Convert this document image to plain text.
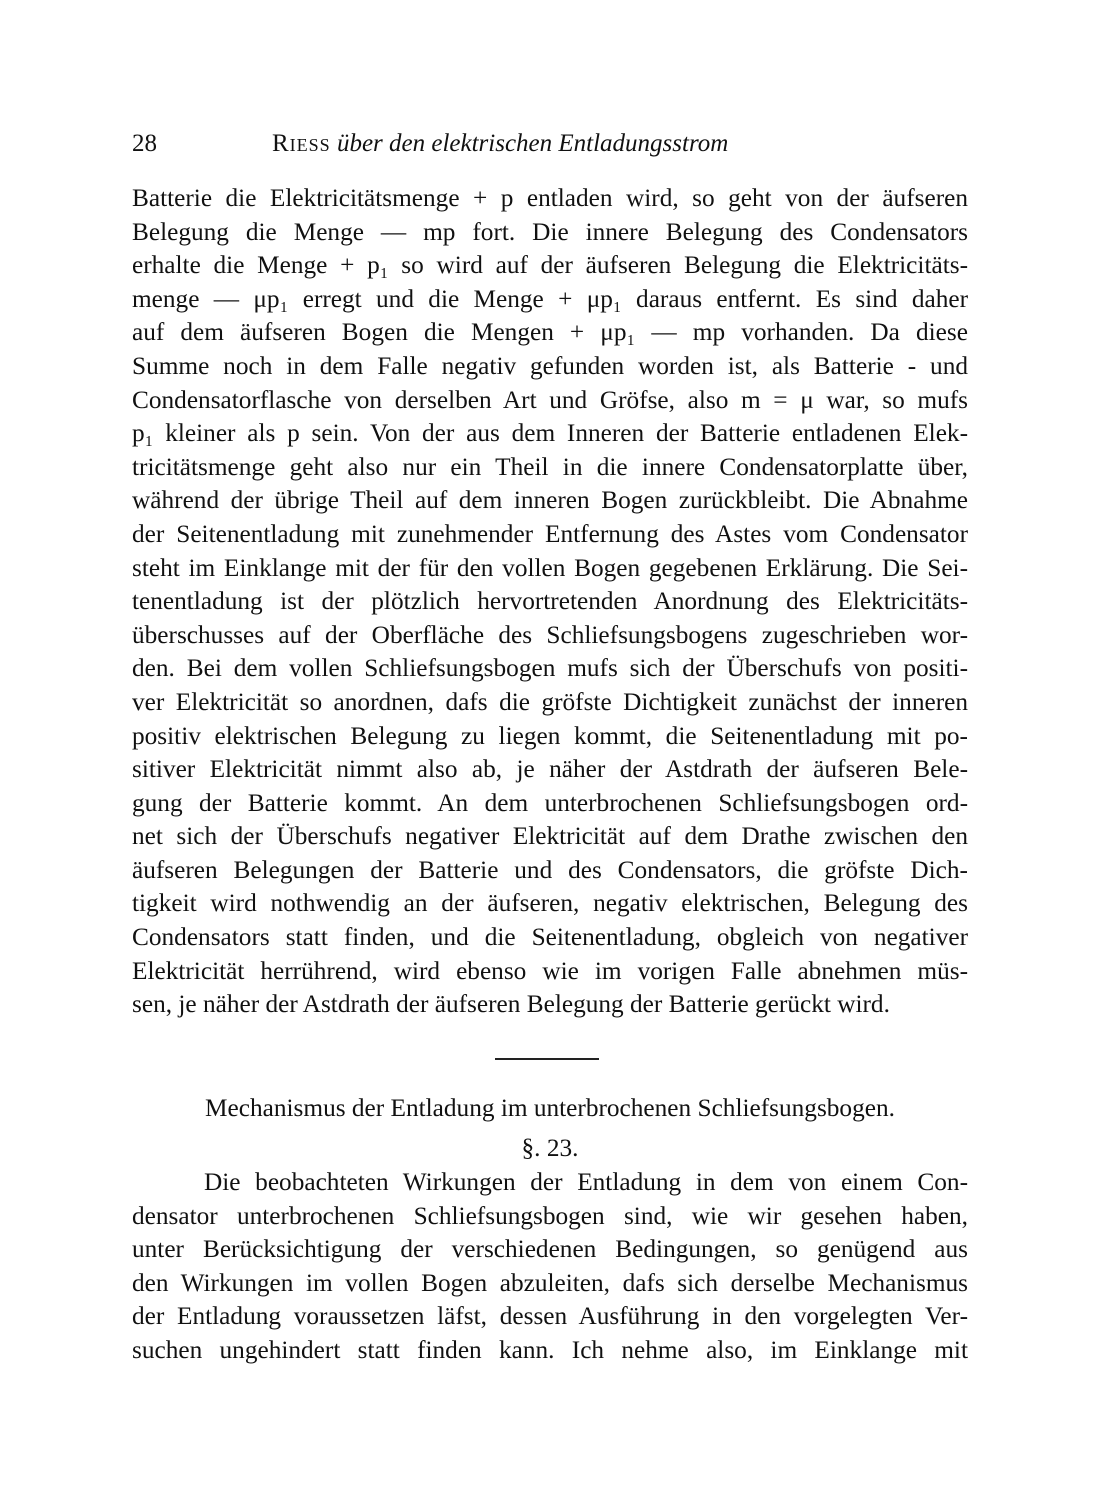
28	Riess über den elektrischen Entladungsstrom
Batterie die Elektricitätsmenge + p entladen wird, so geht von der äufseren
Belegung die Menge — mp fort. Die innere Belegung des Condensators
erhalte die Menge + p₁ so wird auf der äufseren Belegung die Elektricitäts-
menge — μp₁ erregt und die Menge + μp₁ daraus entfernt. Es sind daher
auf dem äufseren Bogen die Mengen + μp₁ — mp vorhanden. Da diese
Summe noch in dem Falle negativ gefunden worden ist, als Batterie - und
Condensatorflasche von derselben Art und Gröfse, also m = μ war, so mufs
p₁ kleiner als p sein. Von der aus dem Inneren der Batterie entladenen Elek-
tricitätsmenge geht also nur ein Theil in die innere Condensatorplatte über,
während der übrige Theil auf dem inneren Bogen zurückbleibt. Die Abnahme
der Seitenentladung mit zunehmender Entfernung des Astes vom Condensator
steht im Einklange mit der für den vollen Bogen gegebenen Erklärung. Die Sei-
tenentladung ist der plötzlich hervortretenden Anordnung des Elektricitäts-
überschusses auf der Oberfläche des Schliefsungsbogens zugeschrieben wor-
den. Bei dem vollen Schliefsungsbogen mufs sich der Überschufs von positi-
ver Elektricität so anordnen, dafs die gröfste Dichtigkeit zunächst der inneren
positiv elektrischen Belegung zu liegen kommt, die Seitenentladung mit po-
sitiver Elektricität nimmt also ab, je näher der Astdrath der äufseren Bele-
gung der Batterie kommt. An dem unterbrochenen Schliefsungsbogen ord-
net sich der Überschufs negativer Elektricität auf dem Drathe zwischen den
äufseren Belegungen der Batterie und des Condensators, die gröfste Dich-
tigkeit wird nothwendig an der äufseren, negativ elektrischen, Belegung des
Condensators statt finden, und die Seitenentladung, obgleich von negativer
Elektricität herrührend, wird ebenso wie im vorigen Falle abnehmen müs-
sen, je näher der Astdrath der äufseren Belegung der Batterie gerückt wird.
Mechanismus der Entladung im unterbrochenen Schliefsungsbogen.
§. 23.
Die beobachteten Wirkungen der Entladung in dem von einem Con-
densator unterbrochenen Schliefsungsbogen sind, wie wir gesehen haben,
unter Berücksichtigung der verschiedenen Bedingungen, so genügend aus
den Wirkungen im vollen Bogen abzuleiten, dafs sich derselbe Mechanismus
der Entladung voraussetzen läfst, dessen Ausführung in den vorgelegten Ver-
suchen ungehindert statt finden kann. Ich nehme also, im Einklange mit
